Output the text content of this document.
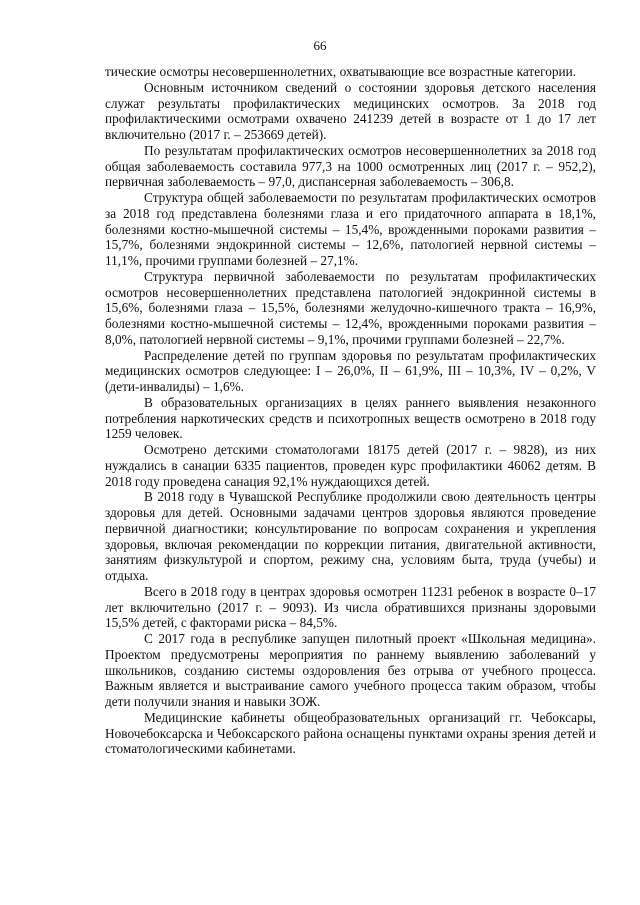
66

тические осмотры несовершеннолетних, охватывающие все возрастные категории.

Основным источником сведений о состоянии здоровья детского населения служат результаты профилактических медицинских осмотров. За 2018 год профилактическими осмотрами охвачено 241239 детей в возрасте от 1 до 17 лет включительно (2017 г. – 253669 детей).

По результатам профилактических осмотров несовершеннолетних за 2018 год общая заболеваемость составила 977,3 на 1000 осмотренных лиц (2017 г. – 952,2), первичная заболеваемость – 97,0, диспансерная заболеваемость – 306,8.

Структура общей заболеваемости по результатам профилактических осмотров за 2018 год представлена болезнями глаза и его придаточного аппарата в 18,1%, болезнями костно-мышечной системы – 15,4%, врожденными пороками развития – 15,7%, болезнями эндокринной системы – 12,6%, патологией нервной системы – 11,1%, прочими группами болезней – 27,1%.

Структура первичной заболеваемости по результатам профилактических осмотров несовершеннолетних представлена патологией эндокринной системы в 15,6%, болезнями глаза – 15,5%, болезнями желудочно-кишечного тракта – 16,9%, болезнями костно-мышечной системы – 12,4%, врожденными пороками развития – 8,0%, патологией нервной системы – 9,1%, прочими группами болезней – 22,7%.

Распределение детей по группам здоровья по результатам профилактических медицинских осмотров следующее: I – 26,0%, II – 61,9%, III – 10,3%, IV – 0,2%, V (дети-инвалиды) – 1,6%.

В образовательных организациях в целях раннего выявления незаконного потребления наркотических средств и психотропных веществ осмотрено в 2018 году 1259 человек.

Осмотрено детскими стоматологами 18175 детей (2017 г. – 9828), из них нуждались в санации 6335 пациентов, проведен курс профилактики 46062 детям. В 2018 году проведена санация 92,1% нуждающихся детей.

В 2018 году в Чувашской Республике продолжили свою деятельность центры здоровья для детей. Основными задачами центров здоровья являются проведение первичной диагностики; консультирование по вопросам сохранения и укрепления здоровья, включая рекомендации по коррекции питания, двигательной активности, занятиям физкультурой и спортом, режиму сна, условиям быта, труда (учебы) и отдыха.

Всего в 2018 году в центрах здоровья осмотрен 11231 ребенок в возрасте 0–17 лет включительно (2017 г. – 9093). Из числа обратившихся признаны здоровыми 15,5% детей, с факторами риска – 84,5%.

С 2017 года в республике запущен пилотный проект «Школьная медицина». Проектом предусмотрены мероприятия по раннему выявлению заболеваний у школьников, созданию системы оздоровления без отрыва от учебного процесса. Важным является и выстраивание самого учебного процесса таким образом, чтобы дети получили знания и навыки ЗОЖ.

Медицинские кабинеты общеобразовательных организаций гг. Чебоксары, Новочебоксарска и Чебоксарского района оснащены пунктами охраны зрения детей и стоматологическими кабинетами.
